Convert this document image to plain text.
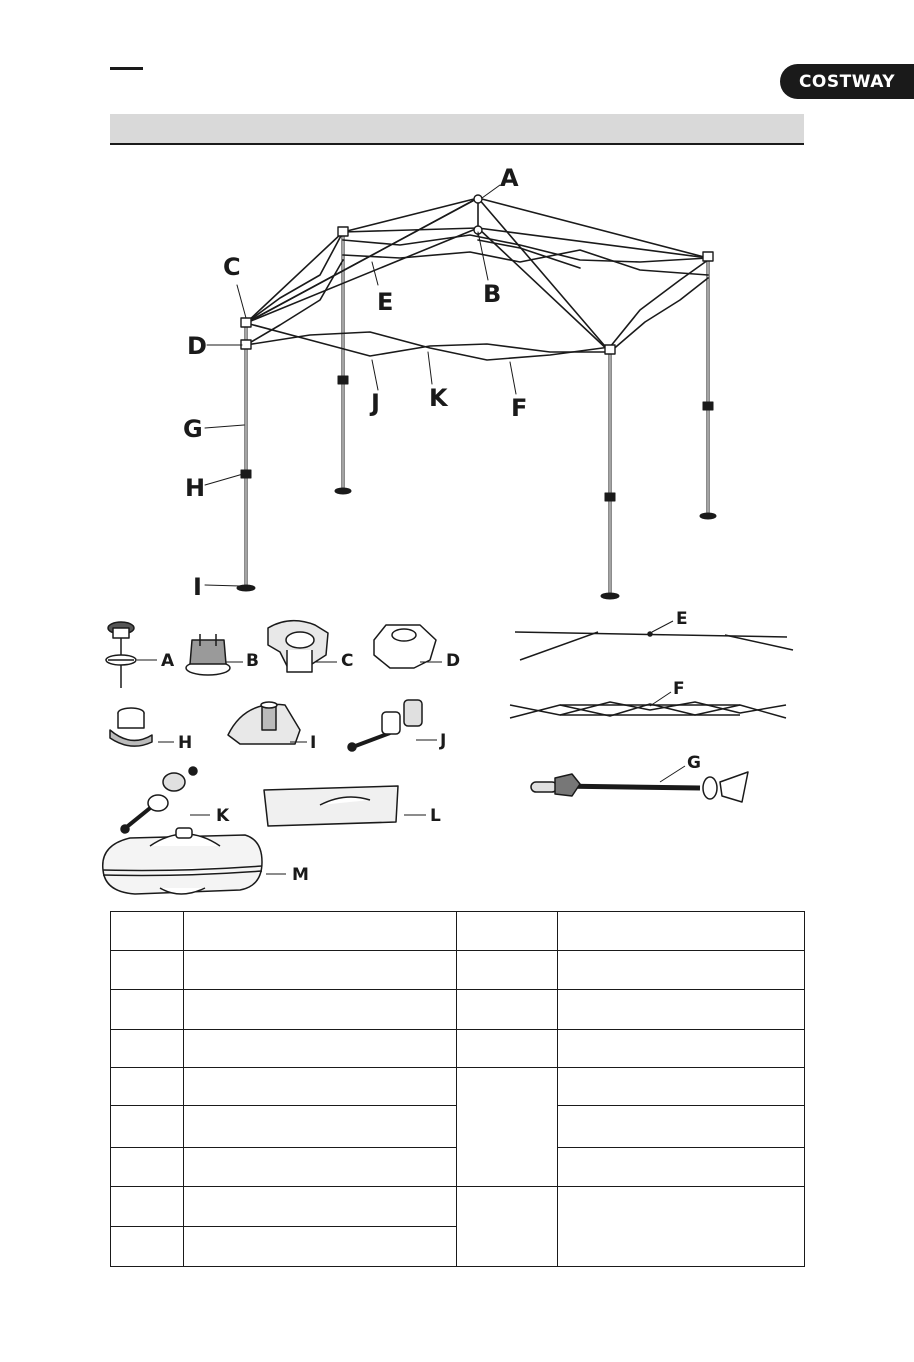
COSTWAY
A
B
C
D
E
F
G
H
I
J K
A	B	C	D
E
F
G
H	I	J
K	L
M
